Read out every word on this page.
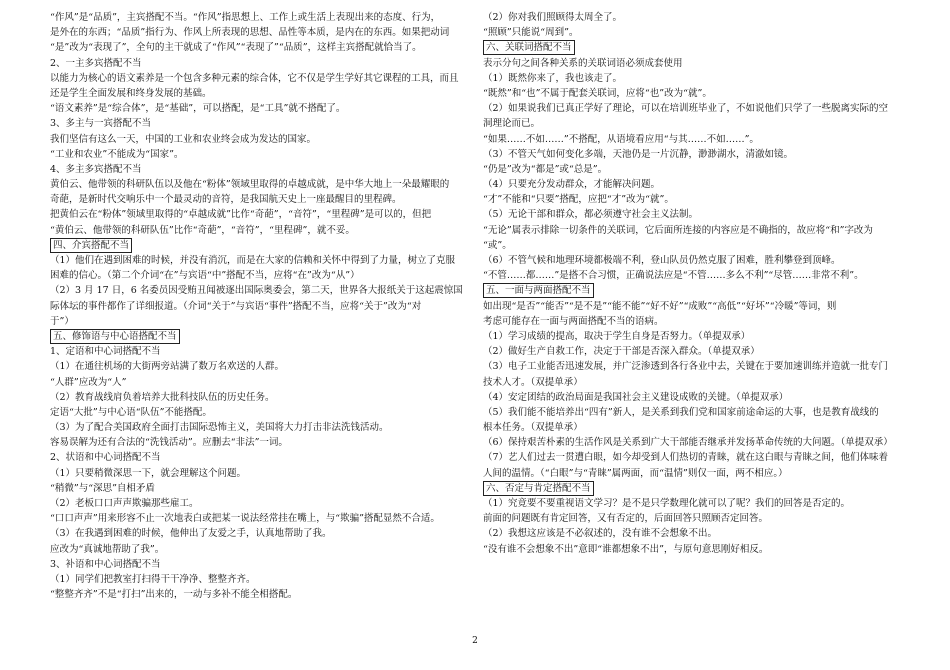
“作风”是“品质”，主宾搭配不当。“作风”指思想上、工作上或生活上表现出来的态度、行为，
是外在的东西；“品质”指行为、作风上所表现的思想、品性等本质，是内在的东西。如果把动词
“是”改为“表现了”，全句的主干就成了“作风”“表现了”“品质”，这样主宾搭配就恰当了。
2、一主多宾搭配不当
以能力为核心的语文素养是一个包含多种元素的综合体，它不仅是学生学好其它课程的工具，而且
还是学生全面发展和终身发展的基础。
“语文素养”是“综合体”，是“基础”，可以搭配，是“工具”就不搭配了。
3、多主与一宾搭配不当
我们坚信有这么一天，中国的工业和农业终会成为发达的国家。
“工业和农业”不能成为“国家”。
4、多主多宾搭配不当
黄伯云、他带领的科研队伍以及他在“粉体”领域里取得的卓越成就，是中华大地上一朵最耀眼的
奇葩，是新时代交响乐中一个最灵动的音符，是我国航天史上一座最醒目的里程碑。
把黄伯云在“粉体”领域里取得的“卓越成就”比作“奇葩”，“音符”，“里程碑”是可以的，但把
“黄伯云、他带领的科研队伍”比作“奇葩”，“音符”，“里程碑”，就不妥。
四、介宾搭配不当
（1）他们在遇到困难的时候，并没有消沉，而是在大家的信赖和关怀中得到了力量，树立了克服
困难的信心。（第二个介词“在”与宾语“中”搭配不当，应将“在”改为“从”）
（2）3 月 17 日，6 名委员因受贿丑闻被逐出国际奥委会，第二天，世界各大报纸关于这起震惊国
际体坛的事件都作了详细报道。（介词“关于”与宾语“事件”搭配不当，应将“关于”改为“对
于”）
五、修饰语与中心语搭配不当
1、定语和中心词搭配不当
（1）在通往机场的大街两旁站满了数万名欢送的人群。
“人群”应改为“人”
（2）教育战线肩负着培养大批科技队伍的历史任务。
定语“大批”与中心语“队伍”不能搭配。
（3）为了配合美国政府全面打击国际恐怖主义，美国将大力打击非法洗钱活动。
容易误解为还有合法的“洗钱活动”。应删去“非法”一词。
2、状语和中心词搭配不当
（1）只要稍微深思一下，就会理解这个问题。
“稍微”与“深思”自相矛盾
（2）老板口口声声欺骗那些雇工。
“口口声声”用来形容不止一次地表白或把某一说法经常挂在嘴上，与“欺骗”搭配显然不合适。
（3）在我遇到困难的时候，他伸出了友爱之手，认真地帮助了我。
应改为“真诚地帮助了我”。
3、补语和中心词搭配不当
（1）同学们把教室打扫得干干净净、整整齐齐。
“整整齐齐”不是“打扫”出来的，一动与多补不能全相搭配。
（2）你对我们照顾得太周全了。
“照顾”只能说“周到”。
六、关联词搭配不当
表示分句之间各种关系的关联词语必须成套使用
（1）既然你来了，我也该走了。
“既然”和“也”不属于配套关联词，应将“也”改为“就”。
（2）如果说我们已真正学好了理论，可以在培训班毕业了，不如说他们只学了一些脱离实际的空
洞理论而已。
“如果……不如……”不搭配，从语境看应用“与其……不如……”。
（3）不管天气如何变化多端，天池仍是一片沉静，渺渺湖水，清澈如镜。
“仍是”改为“都是”或“总是”。
（4）只要充分发动群众，才能解决问题。
“才”不能和“只要”搭配，应把“才”改为“就”。
（5）无论干部和群众，都必须遵守社会主义法制。
“无论”属表示排除一切条件的关联词，它后面所连接的内容应是不确指的，故应将“和”字改为
“或”。
（6）不管气候和地理环境都极端不利，登山队员仍然克服了困难，胜利攀登到顶峰。
“不管……都……”是搭不合习惯，正确说法应是“不管……多么不利”“尽管……非常不利”。
五、一面与两面搭配不当
如出现“是否”“能否”“是不是”“能不能”“好不好”“成败”“高低”“好坏”“冷暖”等词，则
考虑可能存在一面与两面搭配不当的语病。
（1）学习成绩的提高，取决于学生自身是否努力。（单提双承）
（2）做好生产自救工作，决定于干部是否深入群众。（单提双承）
（3）电子工业能否迅速发展，并广泛渗透到各行各业中去，关键在于要加速训练并造就一批专门
技术人才。（双提单承）
（4）安定团结的政治局面是我国社会主义建设成败的关键。（单提双承）
（5）我们能不能培养出“四有”新人，是关系到我们党和国家前途命运的大事，也是教育战线的
根本任务。（双提单承）
（6）保持艰苦朴素的生活作风是关系到广大干部能否继承并发扬革命传统的大问题。（单提双承）
（7）艺人们过去一贯遭白眼，如今却受到人们热切的青睐，就在这白眼与青睐之间，他们体味着
人间的温情。（“白眼”与“青睐”属两面，而“温情”则仅一面，两不相应。）
六、否定与肯定搭配不当
（1）究竟要不要重视语文学习？是不是只学数理化就可以了呢？我们的回答是否定的。
前面的问题既有肯定回答，又有否定的，后面回答只照顾否定回答。
（2）我想这应该是不必叙述的，没有谁不会想象不出。
“没有谁不会想象不出”意即“谁都想象不出”，与原句意思刚好相反。
2
